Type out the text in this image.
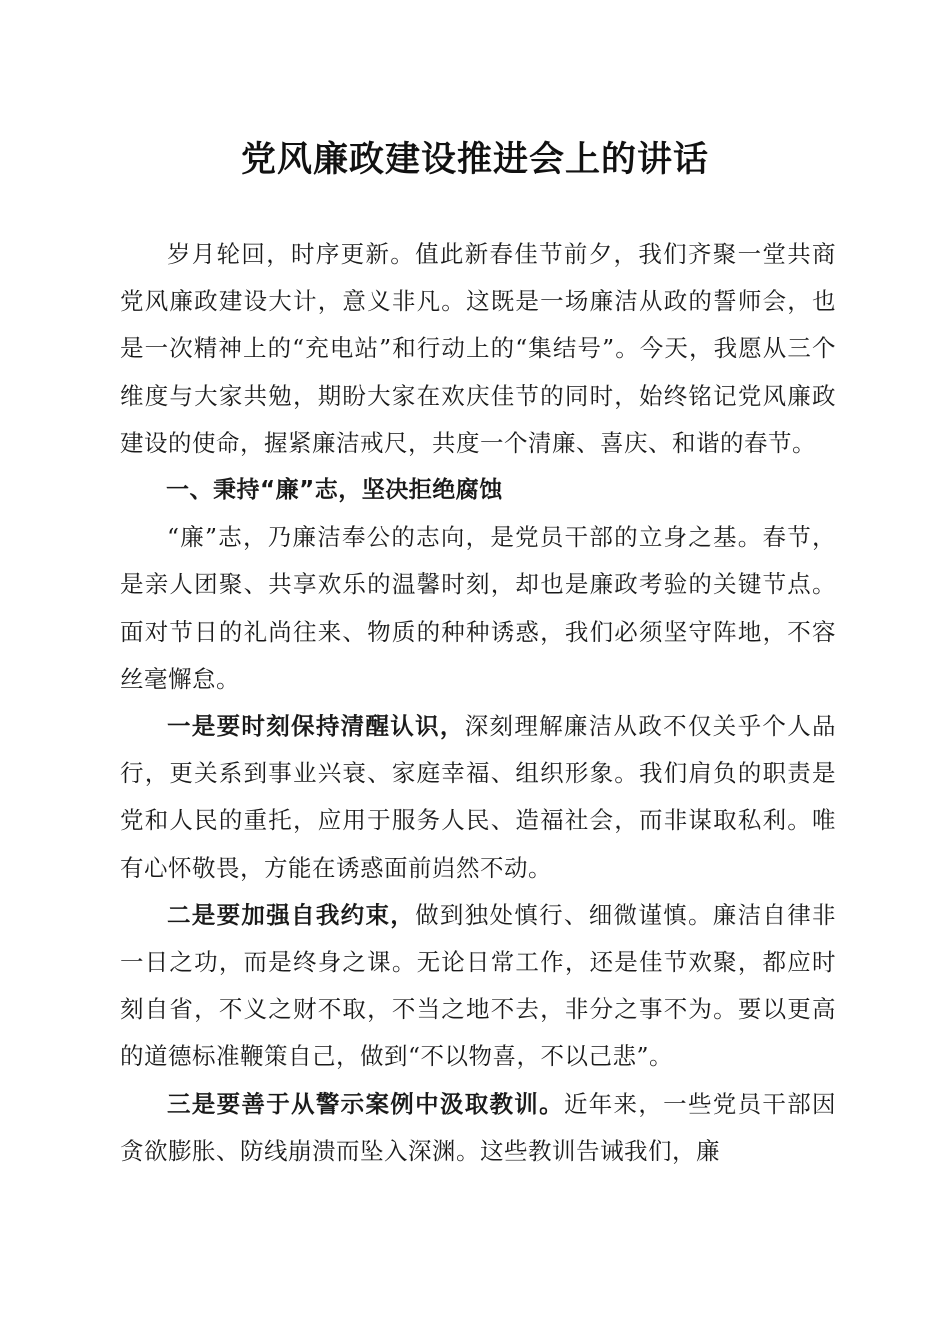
党风廉政建设推进会上的讲话

岁月轮回，时序更新。值此新春佳节前夕，我们齐聚一堂共商党风廉政建设大计，意义非凡。这既是一场廉洁从政的誓师会，也是一次精神上的“充电站”和行动上的“集结号”。今天，我愿从三个维度与大家共勉，期盼大家在欢庆佳节的同时，始终铭记党风廉政建设的使命，握紧廉洁戒尺，共度一个清廉、喜庆、和谐的春节。

一、秉持“廉”志，坚决拒绝腐蚀

“廉”志，乃廉洁奉公的志向，是党员干部的立身之基。春节，是亲人团聚、共享欢乐的温馨时刻，却也是廉政考验的关键节点。面对节日的礼尚往来、物质的种种诱惑，我们必须坚守阵地，不容丝毫懈怠。

一是要时刻保持清醒认识，深刻理解廉洁从政不仅关乎个人品行，更关系到事业兴衰、家庭幸福、组织形象。我们肩负的职责是党和人民的重托，应用于服务人民、造福社会，而非谋取私利。唯有心怀敬畏，方能在诱惑面前岿然不动。

二是要加强自我约束，做到独处慎行、细微谨慎。廉洁自律非一日之功，而是终身之课。无论日常工作，还是佳节欢聚，都应时刻自省，不义之财不取，不当之地不去，非分之事不为。要以更高的道德标准鞭策自己，做到“不以物喜，不以己悲”。

三是要善于从警示案例中汲取教训。近年来，一些党员干部因贪欲膨胀、防线崩溃而坠入深渊。这些教训告诫我们，廉
